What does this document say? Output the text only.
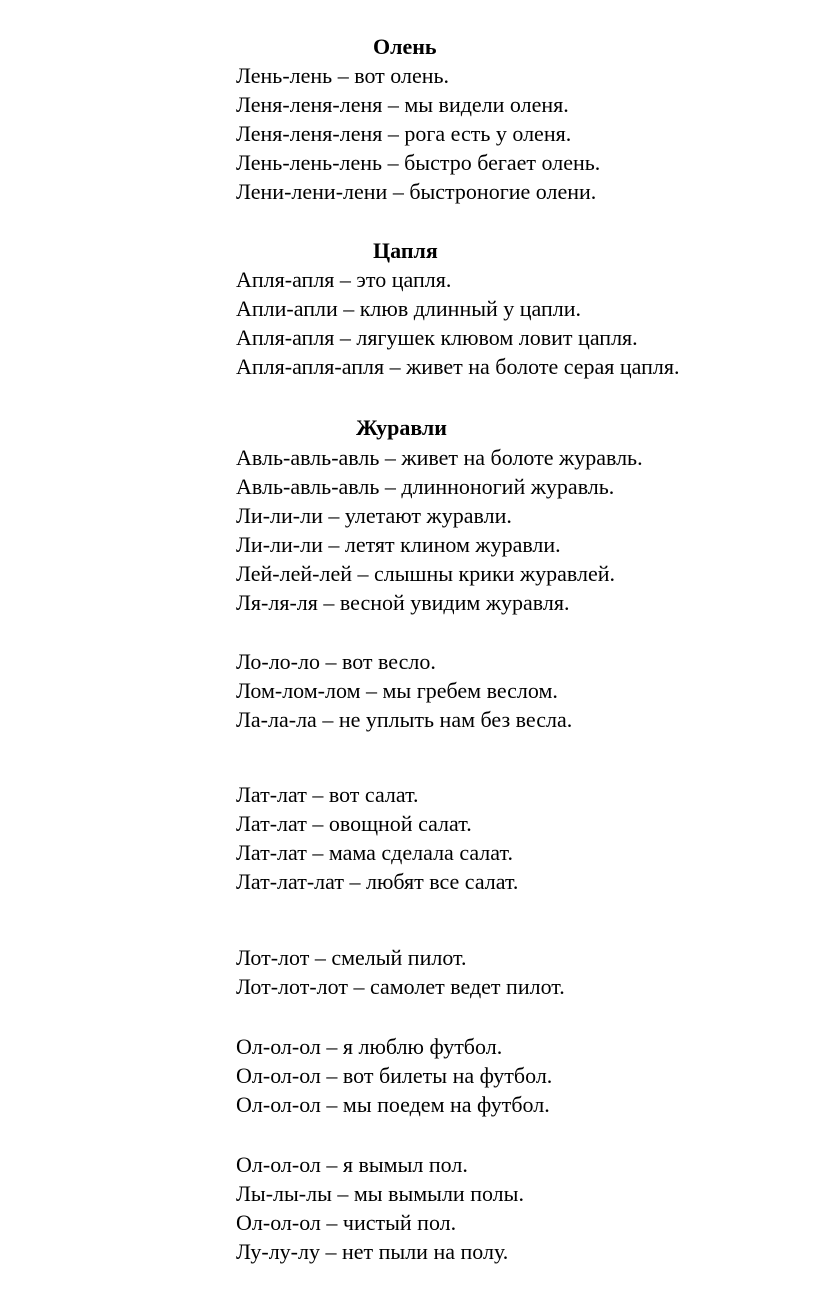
Олень
Лень-лень – вот олень.
Леня-леня-леня – мы видели оленя.
Леня-леня-леня – рога есть у оленя.
Лень-лень-лень – быстро бегает олень.
Лени-лени-лени – быстроногие олени.
Цапля
Апля-апля – это цапля.
Апли-апли – клюв длинный у цапли.
Апля-апля – лягушек клювом ловит цапля.
Апля-апля-апля – живет на болоте серая цапля.
Журавли
Авль-авль-авль – живет на болоте журавль.
Авль-авль-авль – длинноногий журавль.
Ли-ли-ли – улетают журавли.
Ли-ли-ли – летят клином журавли.
Лей-лей-лей – слышны крики журавлей.
Ля-ля-ля – весной увидим журавля.
Ло-ло-ло – вот весло.
Лом-лом-лом – мы гребем веслом.
Ла-ла-ла – не уплыть нам без весла.
Лат-лат – вот салат.
Лат-лат – овощной салат.
Лат-лат – мама сделала салат.
Лат-лат-лат – любят все салат.
Лот-лот – смелый пилот.
Лот-лот-лот – самолет ведет пилот.
Ол-ол-ол – я люблю футбол.
Ол-ол-ол – вот билеты на футбол.
Ол-ол-ол – мы поедем на футбол.
Ол-ол-ол – я вымыл пол.
Лы-лы-лы – мы вымыли полы.
Ол-ол-ол – чистый пол.
Лу-лу-лу – нет пыли на полу.
